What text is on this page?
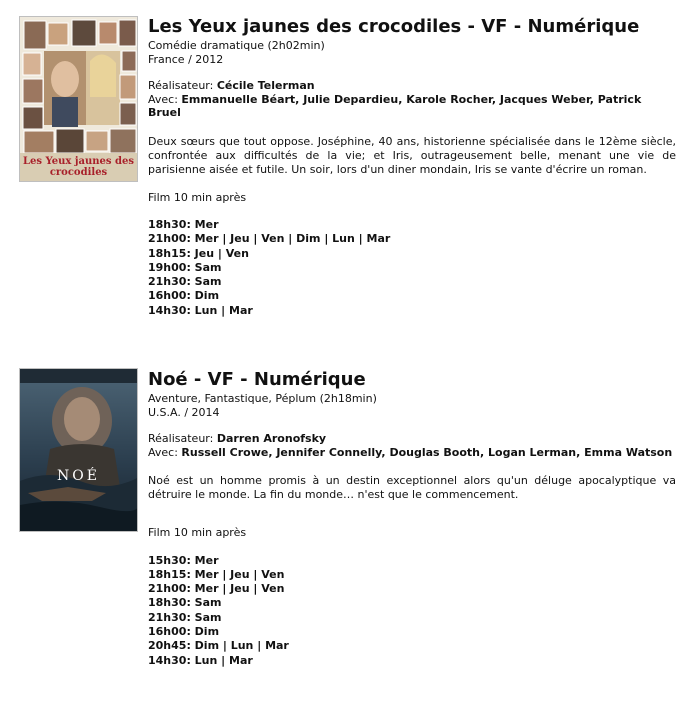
Les Yeux jaunes des crocodiles
Les Yeux jaunes des crocodiles - VF - Numérique

Comédie dramatique (2h02min)

France / 2012

Réalisateur: Cécile Telerman

Avec: Emmanuelle Béart, Julie Depardieu, Karole Rocher, Jacques Weber, Patrick Bruel

Deux sœurs que tout oppose. Joséphine, 40 ans, historienne spécialisée dans le 12ème siècle, confrontée aux difficultés de la vie; et Iris, outrageusement belle, menant une vie de parisienne aisée et futile. Un soir, lors d'un diner mondain, Iris se vante d'écrire un roman.

Film 10 min après

18h30: Mer
21h00: Mer | Jeu | Ven | Dim | Lun | Mar
18h15: Jeu | Ven
19h00: Sam
21h30: Sam
16h00: Dim
14h30: Lun | Mar
NOÉ
Noé - VF - Numérique

Aventure, Fantastique, Péplum (2h18min)

U.S.A. / 2014

Réalisateur: Darren Aronofsky

Avec: Russell Crowe, Jennifer Connelly, Douglas Booth, Logan Lerman, Emma Watson

Noé est un homme promis à un destin exceptionnel alors qu'un déluge apocalyptique va détruire le monde. La fin du monde… n'est que le commencement.

Film 10 min après

15h30: Mer
18h15: Mer | Jeu | Ven
21h00: Mer | Jeu | Ven
18h30: Sam
21h30: Sam
16h00: Dim
20h45: Dim | Lun | Mar
14h30: Lun | Mar
